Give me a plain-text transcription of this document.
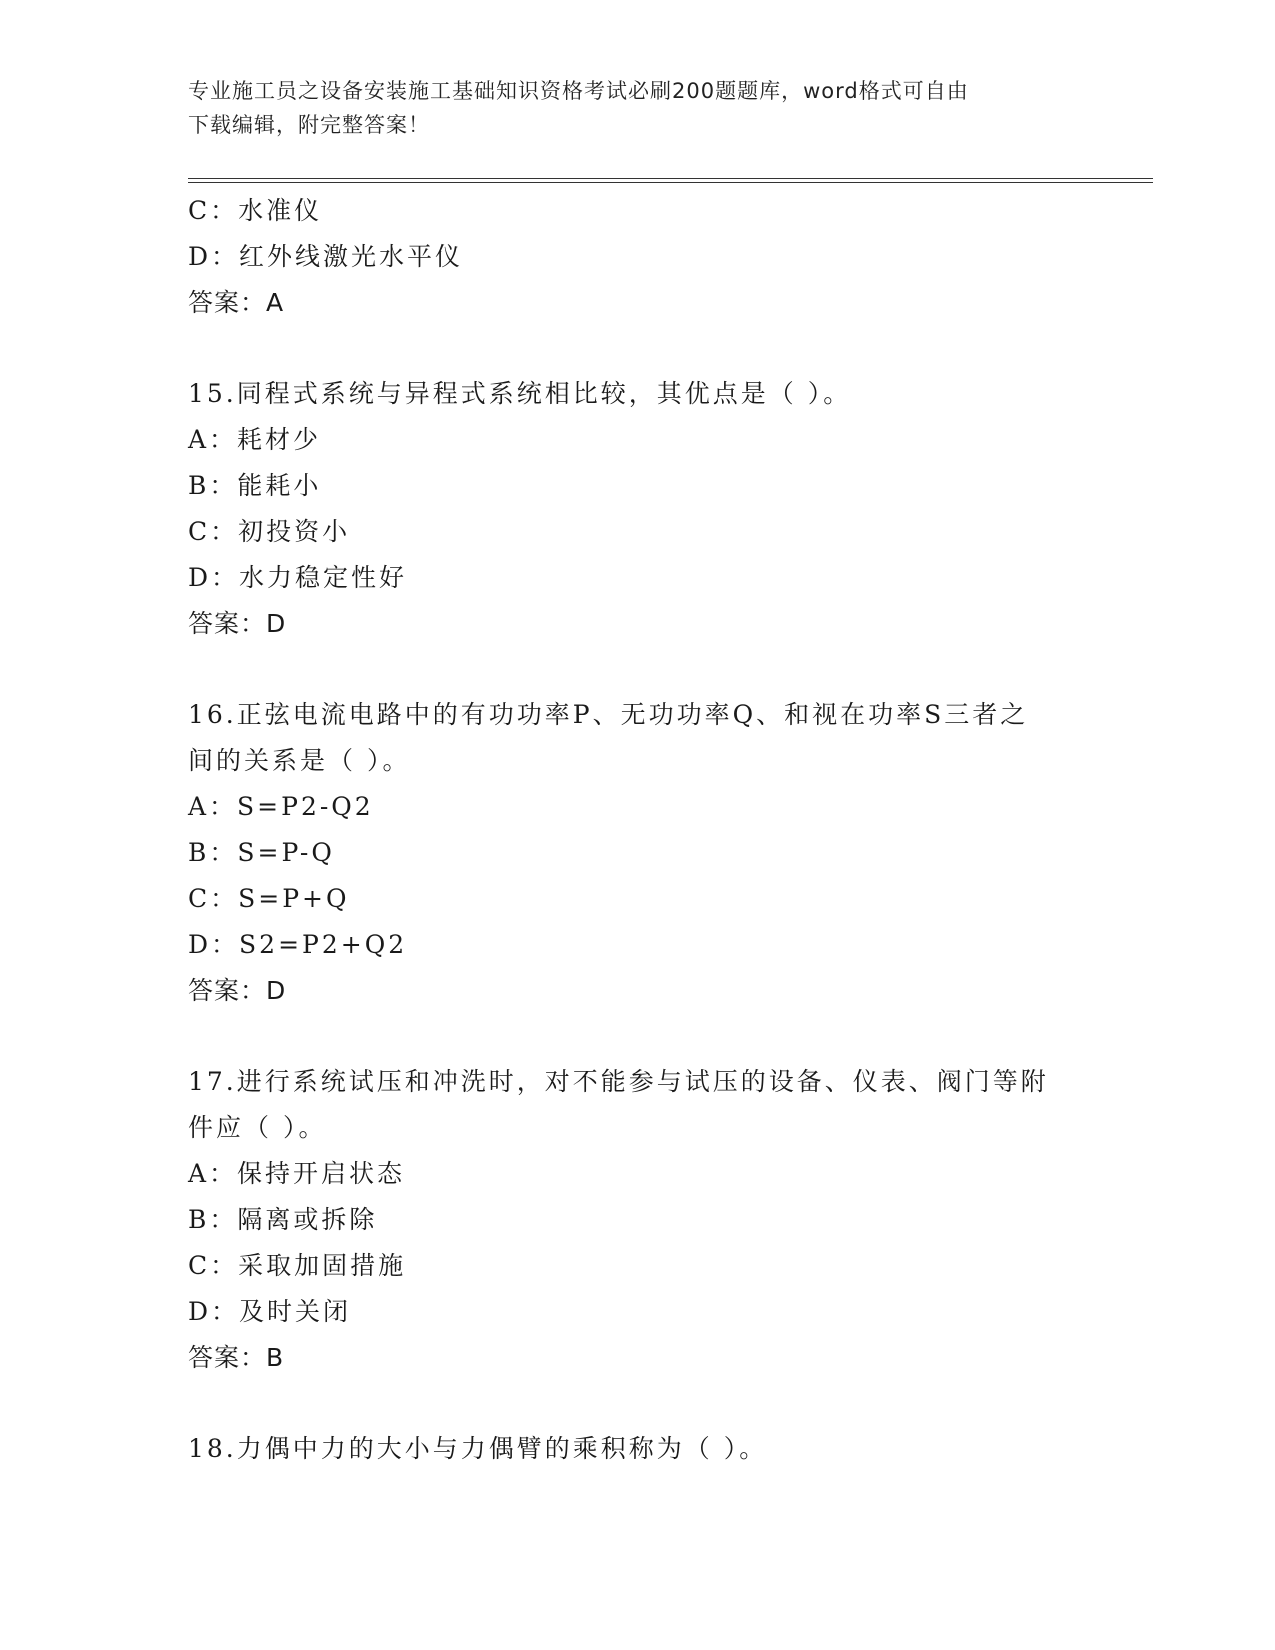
专业施工员之设备安装施工基础知识资格考试必刷200题题库，word格式可自由
下载编辑，附完整答案！
C：水准仪
D：红外线激光水平仪
答案：A
15.同程式系统与异程式系统相比较，其优点是（ ）。
A：耗材少
B：能耗小
C：初投资小
D：水力稳定性好
答案：D
16.正弦电流电路中的有功功率P、无功功率Q、和视在功率S三者之
间的关系是（ ）。
A：S=P2-Q2
B：S=P-Q
C：S=P+Q
D：S2=P2+Q2
答案：D
17.进行系统试压和冲洗时，对不能参与试压的设备、仪表、阀门等附
件应（ ）。
A：保持开启状态
B：隔离或拆除
C：采取加固措施
D：及时关闭
答案：B
18.力偶中力的大小与力偶臂的乘积称为（ ）。
